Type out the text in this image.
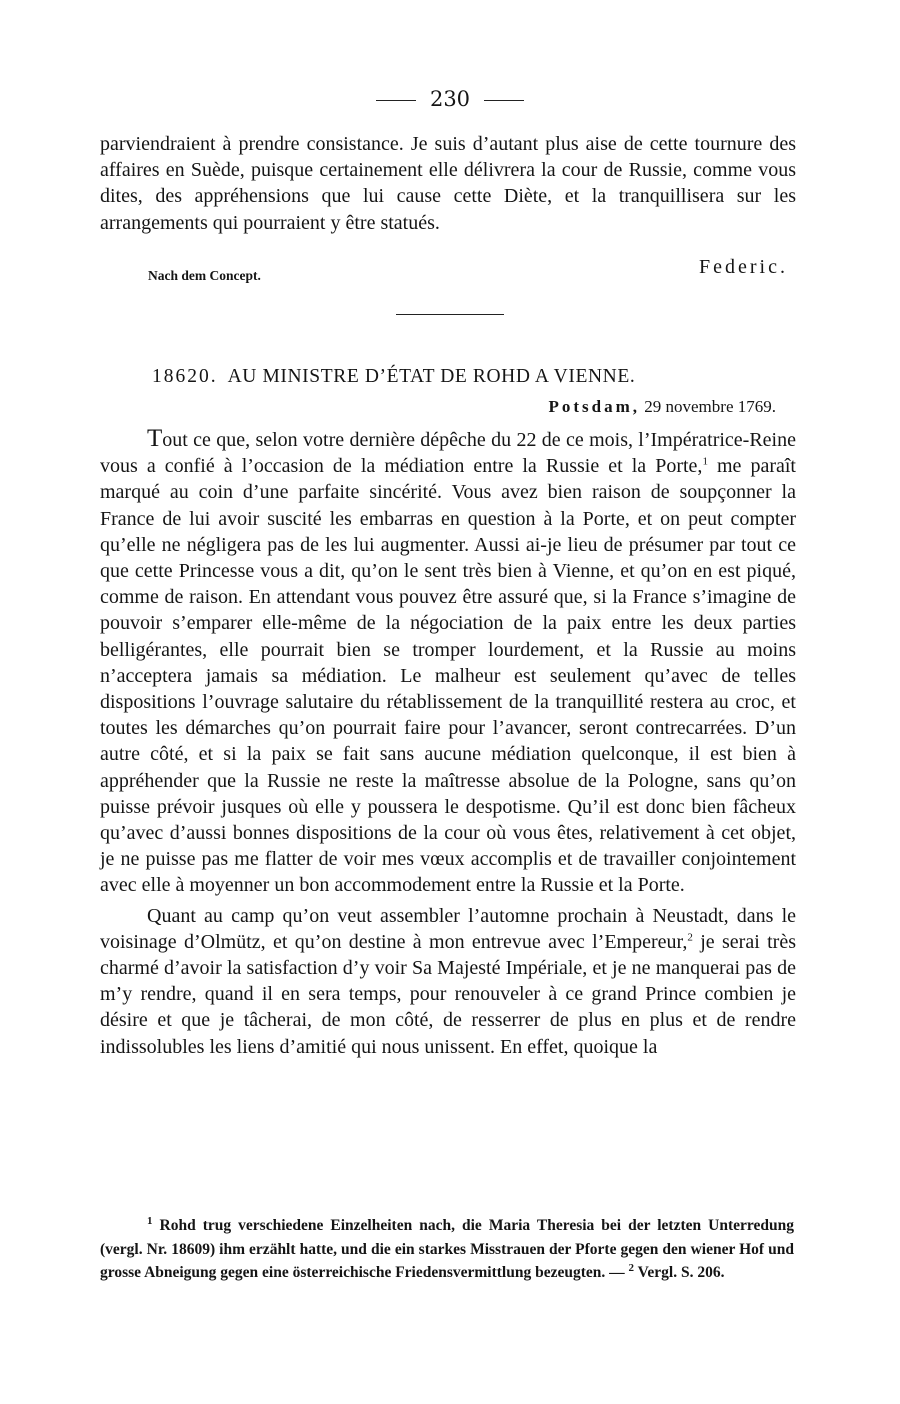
230

parviendraient à prendre consistance. Je suis d’autant plus aise de cette tournure des affaires en Suède, puisque certainement elle délivrera la cour de Russie, comme vous dites, des appréhensions que lui cause cette Diète, et la tranquillisera sur les arrangements qui pourraient y être statués.

Nach dem Concept.	Federic.
18620. AU MINISTRE D’ÉTAT DE ROHD A VIENNE.
Potsdam, 29 novembre 1769.

Tout ce que, selon votre dernière dépêche du 22 de ce mois, l’Impératrice-Reine vous a confié à l’occasion de la médiation entre la Russie et la Porte,$^1$ me paraît marqué au coin d’une parfaite sincérité. Vous avez bien raison de soupçonner la France de lui avoir suscité les embarras en question à la Porte, et on peut compter qu’elle ne négligera pas de les lui augmenter. Aussi ai-je lieu de présumer par tout ce que cette Princesse vous a dit, qu’on le sent très bien à Vienne, et qu’on en est piqué, comme de raison. En attendant vous pouvez être assuré que, si la France s’imagine de pouvoir s’emparer elle-même de la négociation de la paix entre les deux parties belligérantes, elle pourrait bien se tromper lourdement, et la Russie au moins n’acceptera jamais sa médiation. Le malheur est seulement qu’avec de telles dispositions l’ouvrage salutaire du rétablissement de la tranquillité restera au croc, et toutes les démarches qu’on pourrait faire pour l’avancer, seront contrecarrées. D’un autre côté, et si la paix se fait sans aucune médiation quelconque, il est bien à appréhender que la Russie ne reste la maîtresse absolue de la Pologne, sans qu’on puisse prévoir jusques où elle y poussera le despotisme. Qu’il est donc bien fâcheux qu’avec d’aussi bonnes dispositions de la cour où vous êtes, relativement à cet objet, je ne puisse pas me flatter de voir mes vœux accomplis et de travailler conjointement avec elle à moyenner un bon accommodement entre la Russie et la Porte.

Quant au camp qu’on veut assembler l’automne prochain à Neustadt, dans le voisinage d’Olmütz, et qu’on destine à mon entrevue avec l’Empereur,$^2$ je serai très charmé d’avoir la satisfaction d’y voir Sa Majesté Impériale, et je ne manquerai pas de m’y rendre, quand il en sera temps, pour renouveler à ce grand Prince combien je désire et que je tâcherai, de mon côté, de resserrer de plus en plus et de rendre indissolubles les liens d’amitié qui nous unissent. En effet, quoique la

$^1$ Rohd trug verschiedene Einzelheiten nach, die Maria Theresia bei der letzten Unterredung (vergl. Nr. 18609) ihm erzählt hatte, und die ein starkes Misstrauen der Pforte gegen den wiener Hof und grosse Abneigung gegen eine österreichische Friedensvermittlung bezeugten. — $^2$ Vergl. S. 206.
